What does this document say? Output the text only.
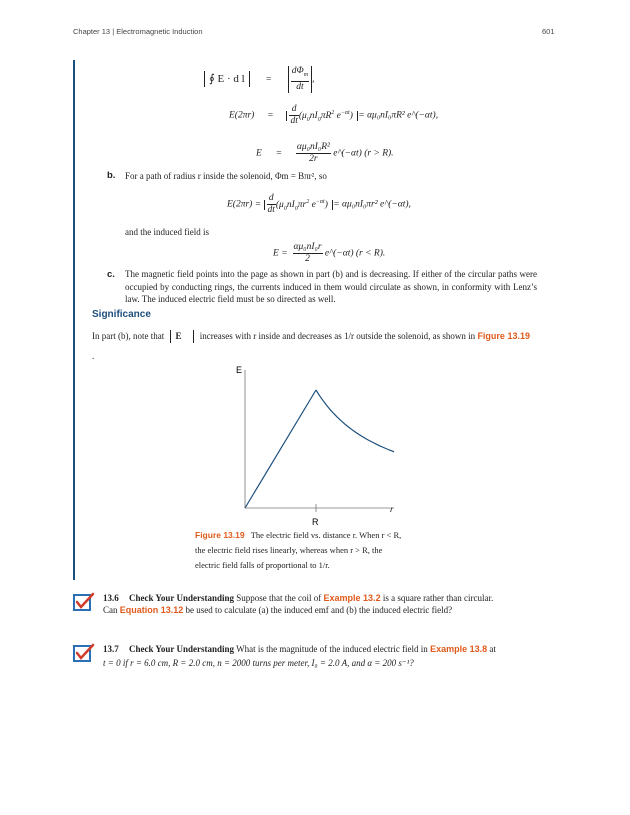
Chapter 13 | Electromagnetic Induction	601
∮ E · d $l = \frac{d\Phi_m}{dt}$ ,
$E(2\pi r) = \frac{d}{dt} (\mu_0nI_0\pi R^2$ $e^{-\alpha t}) = \alpha\mu_0nI_0\pi R^2$ e^(−αt),
$E = \frac{\text{αμ₀nI₀R²}}{2r}$ e^(−αt) (r > R).
b. For a path of radius r inside the solenoid, Φm = Bπr², so
$E(2\pi r) = \frac{d}{dt} (\mu_0nI_0\pi r^2$ $e^{-\alpha t}) = \alpha\mu_0nI_0\pi r^2$ e^(−αt),
and the induced field is
$E = \frac{\text{αμ₀nI₀r}}{2}$ e^(−αt) (r < R).
c. The magnetic field points into the page as shown in part (b) and is decreasing. If either of the circular paths were occupied by conducting rings, the currents induced in them would circulate as shown, in conformity with Lenz’s law. The induced electric field must be so directed as well.
Significance
In part (b), note that E⃗ increases with r inside and decreases as 1/r outside the solenoid, as shown in Figure 13.19
.
E
r
R
Figure 13.19 The electric field vs. distance r. When r < R,
the electric field rises linearly, whereas when r > R, the
electric field falls of proportional to 1/r.
13.6 Check Your Understanding Suppose that the coil of Example 13.2 is a square rather than circular.
Can Equation 13.12 be used to calculate (a) the induced emf and (b) the induced electric field?
13.7 Check Your Understanding What is the magnitude of the induced electric field in Example 13.8 at
t = 0 if r = 6.0 cm, R = 2.0 cm, n = 2000 turns per meter, I₀ = 2.0 A, and α = 200 s⁻¹?
